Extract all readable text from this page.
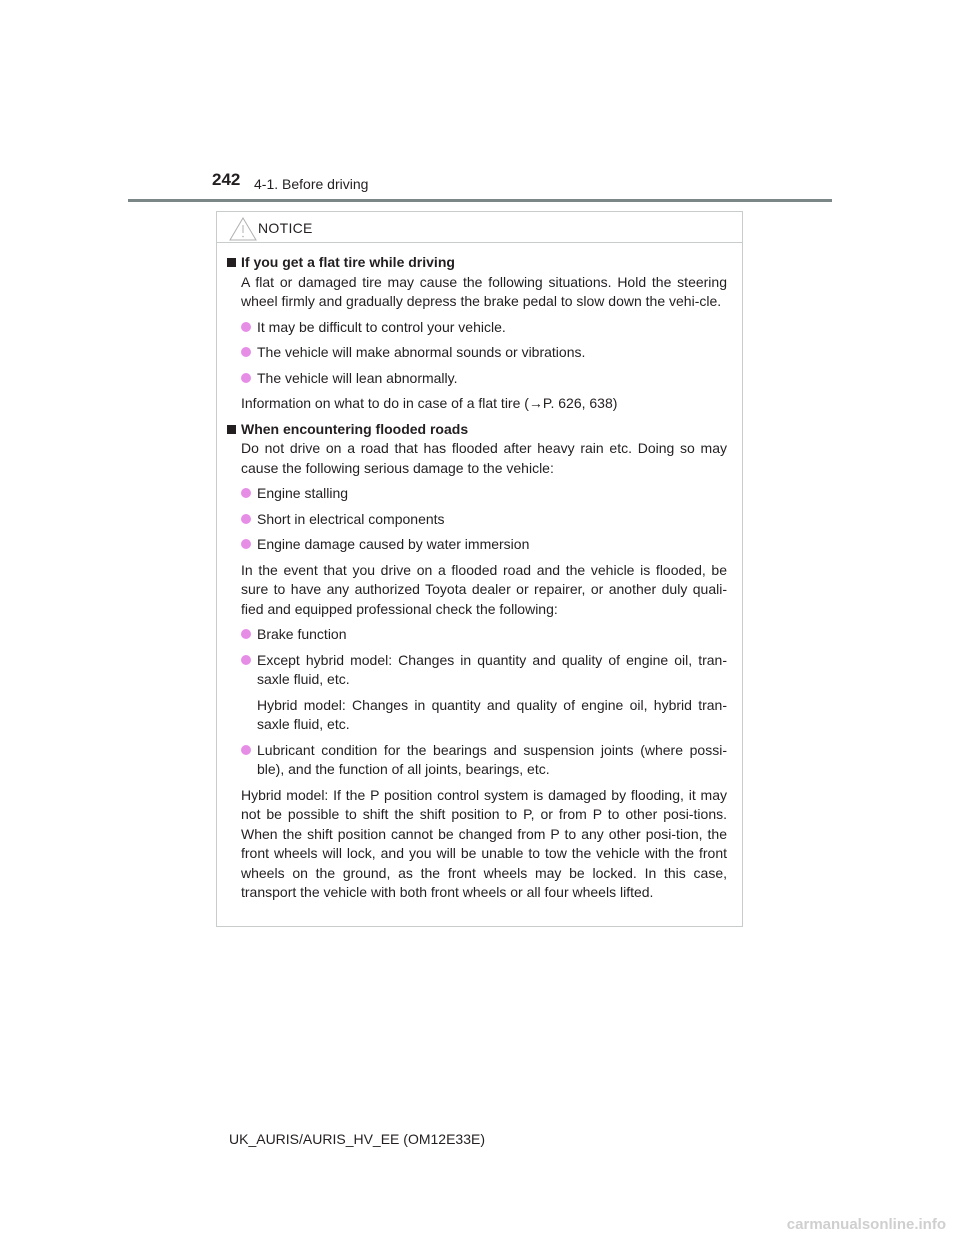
242 4-1. Before driving
NOTICE
If you get a flat tire while driving
A flat or damaged tire may cause the following situations. Hold the steering wheel firmly and gradually depress the brake pedal to slow down the vehi-cle.
It may be difficult to control your vehicle.
The vehicle will make abnormal sounds or vibrations.
The vehicle will lean abnormally.
Information on what to do in case of a flat tire (→P. 626, 638)
When encountering flooded roads
Do not drive on a road that has flooded after heavy rain etc. Doing so may cause the following serious damage to the vehicle:
Engine stalling
Short in electrical components
Engine damage caused by water immersion
In the event that you drive on a flooded road and the vehicle is flooded, be sure to have any authorized Toyota dealer or repairer, or another duly quali-fied and equipped professional check the following:
Brake function
Except hybrid model: Changes in quantity and quality of engine oil, tran-saxle fluid, etc.
Hybrid model: Changes in quantity and quality of engine oil, hybrid tran-saxle fluid, etc.
Lubricant condition for the bearings and suspension joints (where possi-ble), and the function of all joints, bearings, etc.
Hybrid model: If the P position control system is damaged by flooding, it may not be possible to shift the shift position to P, or from P to other posi-tions. When the shift position cannot be changed from P to any other posi-tion, the front wheels will lock, and you will be unable to tow the vehicle with the front wheels on the ground, as the front wheels may be locked. In this case, transport the vehicle with both front wheels or all four wheels lifted.
UK_AURIS/AURIS_HV_EE (OM12E33E)
carmanualsonline.info
